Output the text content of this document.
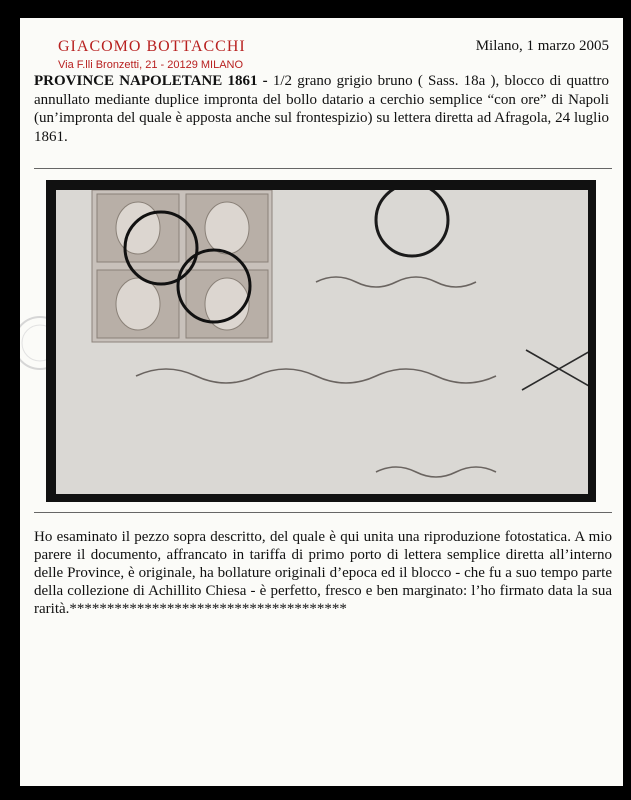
GIACOMO BOTTACCHI
Via F.lli Bronzetti, 21 - 20129 MILANO
Milano, 1 marzo 2005

PROVINCE NAPOLETANE 1861 - 1/2 grano grigio bruno ( Sass. 18a ), blocco di quattro annullato mediante duplice impronta del bollo datario a cerchio semplice “con ore” di Napoli (un’impronta del quale è apposta anche sul frontespizio) su lettera diretta ad Afragola, 24 luglio 1861.

Ho esaminato il pezzo sopra descritto, del quale è qui unita una riproduzione fotostatica. A mio parere il documento, affrancato in tariffa di primo porto di lettera semplice diretta all’interno delle Province, è originale, ha bollature originali d’epoca ed il blocco - che fu a suo tempo parte della collezione di Achillito Chiesa - è perfetto, fresco e ben marginato: l’ho firmato data la sua rarità.*************************************
